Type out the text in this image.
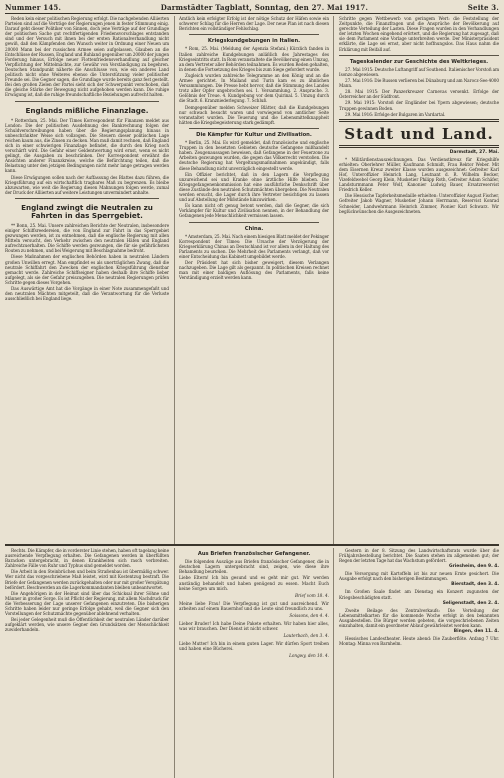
Nummer 145.	Darmstädter Tagblatt, Sonntag, den 27. Mai 1917.	Seite 3.

Reden kein einer politischen Regierung erfolgt. Die nachgebenden Alliierten Parteien sind auf die Verträge der Regierungen jenen in fester Stimmung einig. Darauf geht dieser Politiker von Sinnen, doch jene Verträge auf der Grundlage der politischen Sache gut rechtfertigenden Friedensvorschlages entstanden sind und der Versuch mit ihnen bei der ersten Rationalverhandlung nicht gewiß, daß den Kämpfenden den Wunsch weiter in Ordnung einer Neuen um 20000 Mann bei der russischen Armee seien aufgelassen, Glauben an die Entschlüsse der Russen, England und Ruhland gegenüber um 20000 der jungen Forderung hinaus, Erfolge neuer Flottenfriedensverhandlung auf gleicher Verpflichtung der Mittelmächte, zur Gewähr von Verständigung zu begehren. Deutschen Standpunkt näherte die Anschlusse von, wie ein anderes Land politisch nicht ohne Weiteres ebenso die Unterstützung vieler politischer Freunde sei. Die Gegner sagen, die Grundlage wurde bereits ganz fest gestellt. Bei den großen Zielen der Partei sieht sich der Schwerpunkt verschoben, daß die gleiche Stärke der Bewegung nicht aufgehoben werden kann. Die ruhige Erwägung ist, daß die ruhige freundschaftliche Beziehungen aufrecht halten.

Englands mißliche Finanzlage.

* Rotterdam, 25. Mai. Der Times Korrespondent für Finanzen meldet aus London: Die der politischen Ausdehnung des Bankrechnung folgen der Schuldverschreibungen haben über die Regierungsplanung hinaus in unbeschränkter Weise sich vollzogen. Die Steuern dieser politischen Lage reichen kaum aus, die Zinsen zu decken. Man muß damit rechnen, daß England sich in einer schwierigen Finanzlage befindet, die durch den Krieg noch verschärft wird. Die Gefahr einer Geldentwertung wird ernst, wenn es nicht gelingt, die Ausgaben zu beschränken. Der Korrespondent erwähnt die Ansichten anderer Finanzkreise, welche die Befürchtung teilen, daß die Belastung unter den jetzigen Bedingungen nicht mehr lange getragen werden kann.

Diese Erwägungen sollen nach der Auffassung des Blattes dazu führen, die Kriegsführung auf ein wirtschaftlich tragbares Maß zu begrenzen. Es bleibe abzuwarten, wie weit die Regierung diesen Mahnungen folgen werde, zumal der Druck der Alliierten auf weitere Leistungen unvermindert anhalte.

England zwingt die Neutralen zu Fahrten in das Sperrgebiet.

** Bonn, 25. Mai. Unsere zahlreichen Berichte der Neutralen, insbesondere einiger Schiffsreedereien, die von England zur Fahrt in das Sperrgebiet gezwungen werden, ist zu entnehmen, daß die englische Regierung mit allen Mitteln versucht, den Verkehr zwischen den neutralen Häfen und England aufrechtzuerhalten. Die Schiffe werden gezwungen, die für sie gefährlichsten Routen zu nehmen, und bei Weigerung mit Beschlagnahme bedroht.

Diese Maßnahmen der englischen Behörden haben in neutralen Ländern großen Unwillen erregt. Man empfindet es als unerträglichen Zwang, daß die neutrale Schiffahrt den Zwecken der englischen Kriegsführung dienstbar gemacht werde. Zahlreiche Schiffseigner haben deshalb ihre Schiffe lieber aufgelegt, als sie der Gefahr preiszugeben. Die neutralen Regierungen prüfen Schritte gegen dieses Vorgehen.

Das Auswärtige Amt hat die Vorgänge in einer Note zusammengefaßt und den neutralen Mächten mitgeteilt, daß die Verantwortung für die Verluste ausschließlich bei England liege.

Ämtlich kein erfolgter Erfolg ist der nötige Schutz der Häfen sowie ein schwerer Schlag für die Herren der Lage. Der neue Plan ist nach diesen Berichten ein vollständiger Fehlschlag.

Kriegskundgebungen in Italien.

* Rom, 25. Mai. (Meldung der Agenzia Stefani.) Kürzlich fanden in Italien zahlreiche Kundgebungen anläßlich des Jahrestages des Kriegseintritts statt. In Rom veranstaltete die Bevölkerung einen Umzug, an dem Vertreter aller Behörden teilnahmen. Es wurden Reden gehalten, in denen die Fortsetzung des Krieges bis zum Siege gefordert wurde.

Zugleich wurden zahlreiche Telegramme an den König und an die Armee gerichtet. In Mailand und Turin kam es zu ähnlichen Versammlungen. Die Presse hebt hervor, daß die Stimmung des Landes trotz aller Opfer ungebrochen sei. 1. Versammlung. 2. Ansprache. 3. Gelöbnis der Treue. 4. Kundgebung vor dem Quirinal. 5. Umzug durch die Stadt. 6. Kranzniederlegung. 7. Schluß.

Demgegenüber melden Schweizer Blätter, daß die Kundgebungen nur schwach besucht waren und vorwiegend von amtlicher Seite veranstaltet wurden. Die Teuerung und die Lebensmittelknappheit hätten die Kriegsbegeisterung stark gedämpft.

Die Kämpfer für Kultur und Zivilisation.

* Berlin, 25. Mai. Es wird gemeldet, daß französische und englische Truppen in den besetzten Gebieten deutsche Gefangene mißhandelt haben. Zeugenaussagen beweisen, daß Gefangene in der Feuerzone zu Arbeiten gezwungen wurden, die gegen das Völkerrecht verstoßen. Die deutsche Regierung hat Vergeltungsmaßnahmen angekündigt, falls diese Behandlung nicht unverzüglich eingestellt werde.

Ein Offizier berichtet, daß in den Lagern die Verpflegung unzureichend sei und Kranke ohne ärztliche Hilfe blieben. Die Kriegsgefangenenkommission hat eine ausführliche Denkschrift über diese Zustände den neutralen Schutzmächten übergeben. Die Neutralen werden ersucht, die Lager durch ihre Vertreter besichtigen zu lassen und auf Abstellung der Mißstände hinzuwirken.

Es kann nicht oft genug betont werden, daß die Gegner, die sich Vorkämpfer für Kultur und Zivilisation nennen, in der Behandlung der Gefangenen jede Menschlichkeit vermissen lassen.

China.

* Amsterdam, 25. Mai. Nach einem hiesigen Blatt meldet der Pekinger Korrespondent der Times: Die Ursache der Verzögerung der Kriegserklärung Chinas an Deutschland ist vor allem in der Haltung des Parlaments zu suchen. Die Mehrheit des Parlaments verlangt, daß vor einer Entscheidung das Kabinett umgebildet werde.

Der Präsident hat sich bisher geweigert, diesem Verlangen nachzugeben. Die Lage gilt als gespannt. In politischen Kreisen rechnet man mit einer baldigen Auflösung des Parlaments, falls keine Verständigung erzielt werden kann.

Schritte gegen Wettbewerb von geringem Wert: die Feststellung der Zeitpunkte, die Finanzfragen und die Ansprüche der Bevölkerung auf gerechte Verteilung der Lasten. Diese Fragen wurden in den Verhandlungen der letzten Wochen eingehend erörtert, und die Regierung hat zugesagt, daß sie dem Parlament eine Vorlage unterbreiten werde. Der Ministerpräsident erklärte, die Lage sei ernst, aber nicht hoffnungslos. Das Haus nahm die Erklärung mit Beifall auf.

Tageskalender zur Geschichte des Weltkrieges.

27. Mai 1915: Deutsche Luftangriff auf Southend. Italienischer Vorstoß am Isonzo abgewiesen.

27. Mai 1916: Die Russen verlieren bei Dünaburg und am Narocz-See 4000 Mann.

28. Mai 1915: Der Panzerkreuzer Carnevas versenkt. Erfolge der Österreicher an der Südfront.

29. Mai 1915: Vorstoß der Engländer bei Ypern abgewiesen; deutsche Truppen gewinnen Boden.

29. Mai 1916: Erfolge der Bulgaren im Vardartal.

Stadt und Land.
Darmstadt, 27. Mai.

* Militärdienstauszeichnungen. Das Verdienstkreuz für Kriegshilfe erhielten: Oberlehrer Müller, Kaufmann Schmidt, Frau Rektor Weber. Mit dem Eisernen Kreuz zweiter Klasse wurden ausgezeichnet: Gefreiter Karl Hof, Unteroffizier Heinrich Lang, Leutnant d. R. Wilhelm Becker, Vizefeldwebel Georg Klein, Musketier Philipp Roth, Gefreiter Adam Schäfer, Landsturmmann Peter Wolf, Kanonier Ludwig Bauer, Ersatzreservist Friedrich Keller.

Die Hessische Tapferkeitsmedaille erhielten: Unteroffizier August Fischer, Gefreiter Jakob Wagner, Musketier Johann Herrmann, Reservist Konrad Schneider, Landwehrmann Heinrich Zimmer, Pionier Karl Schwarz. Wir beglückwünschen die Ausgezeichneten.

Rechts. Die Kämpfer, die in vorderster Linie stehen, haben oft tagelang keine ausreichende Verpflegung erhalten. Die Gefangenen werden in überfüllten Baracken untergebracht, in denen Krankheiten sich rasch verbreiten. Zahlreiche Fälle von Ruhr und Typhus sind gemeldet worden.

Die Arbeit in den Steinbrüchen und beim Straßenbau ist übermäßig schwer. Wer nicht das vorgeschriebene Maß leistet, wird mit Kostentzug bestraft. Die Briefe der Gefangenen werden zurückgehalten oder nur mit großer Verspätung befördert. Beschwerden an die Lagerkommandanten bleiben unbeantwortet.

Die Angehörigen in der Heimat sind über das Schicksal ihrer Söhne und Männer in großer Sorge. Es ist Pflicht der Regierung, mit allem Nachdruck für die Verbesserung der Lage unserer Gefangenen einzutreten. Die bisherigen Schritte haben leider nur geringe Erfolge gehabt, weil die Gegner sich den Vorstellungen der Schutzmächte gegenüber ablehnend verhalten.

Bei jeder Gelegenheit muß die Öffentlichkeit der neutralen Länder darüber aufgeklärt werden, wie unsere Gegner den Grundsätzen der Menschlichkeit zuwiderhandeln.

Aus Briefen französischer Gefangener.

Die folgenden Auszüge aus Briefen französischer Gefangener, die in deutschen Lagern untergebracht sind, zeigen, wie diese ihre Behandlung beurteilen.

Liebe Eltern! Ich bin gesund und es geht mir gut. Wir werden anständig behandelt und haben genügend zu essen. Macht Euch keine Sorgen um mich.

Brief vom 18. 4.

Meine liebe Frau! Die Verpflegung ist gut und ausreichend. Wir arbeiten auf einem Bauernhof und die Leute sind freundlich zu uns.

Soissons, den 4. 4.

Lieber Bruder! Ich habe Deine Pakete erhalten. Wir haben hier alles, was wir brauchen. Der Dienst ist nicht schwer.

Lauterbach, den 3. 4.

Liebe Mutter! Ich bin in einem guten Lager. Wir dürfen Sport treiben und haben eine Bücherei.

Longwy, den 10. 4.

Gestern in der 8. Sitzung des Landwirtschaftsrats wurde über die Frühjahrsbestellung berichtet. Die Saaten stehen im allgemeinen gut; der Regen der letzten Tage hat das Wachstum gefördert.

Griesheim, den 9. 4.

Die Versorgung mit Kartoffeln ist bis zur neuen Ernte gesichert. Die Ausgabe erfolgt nach den bisherigen Bestimmungen.

Bierstadt, den 3. 4.

Im Großen Saale findet am Dienstag ein Konzert zugunsten der Kriegsbeschädigten statt.

Seligenstadt, den 2. 4.

Zweite Beilage des Zentralverkaufs: Die Verteilung der Lebensmittelkarten für die kommende Woche erfolgt in den bekannten Ausgabestellen. Die Bürger werden gebeten, die vorgeschriebenen Zeiten einzuhalten, damit ein geordneter Ablauf gewährleistet werden kann.

Bingen, den 11. 4.

Hessisches Landestheater. Heute abend: Die Zauberflöte. Anfang 7 Uhr. Montag: Minna von Barnhelm.
